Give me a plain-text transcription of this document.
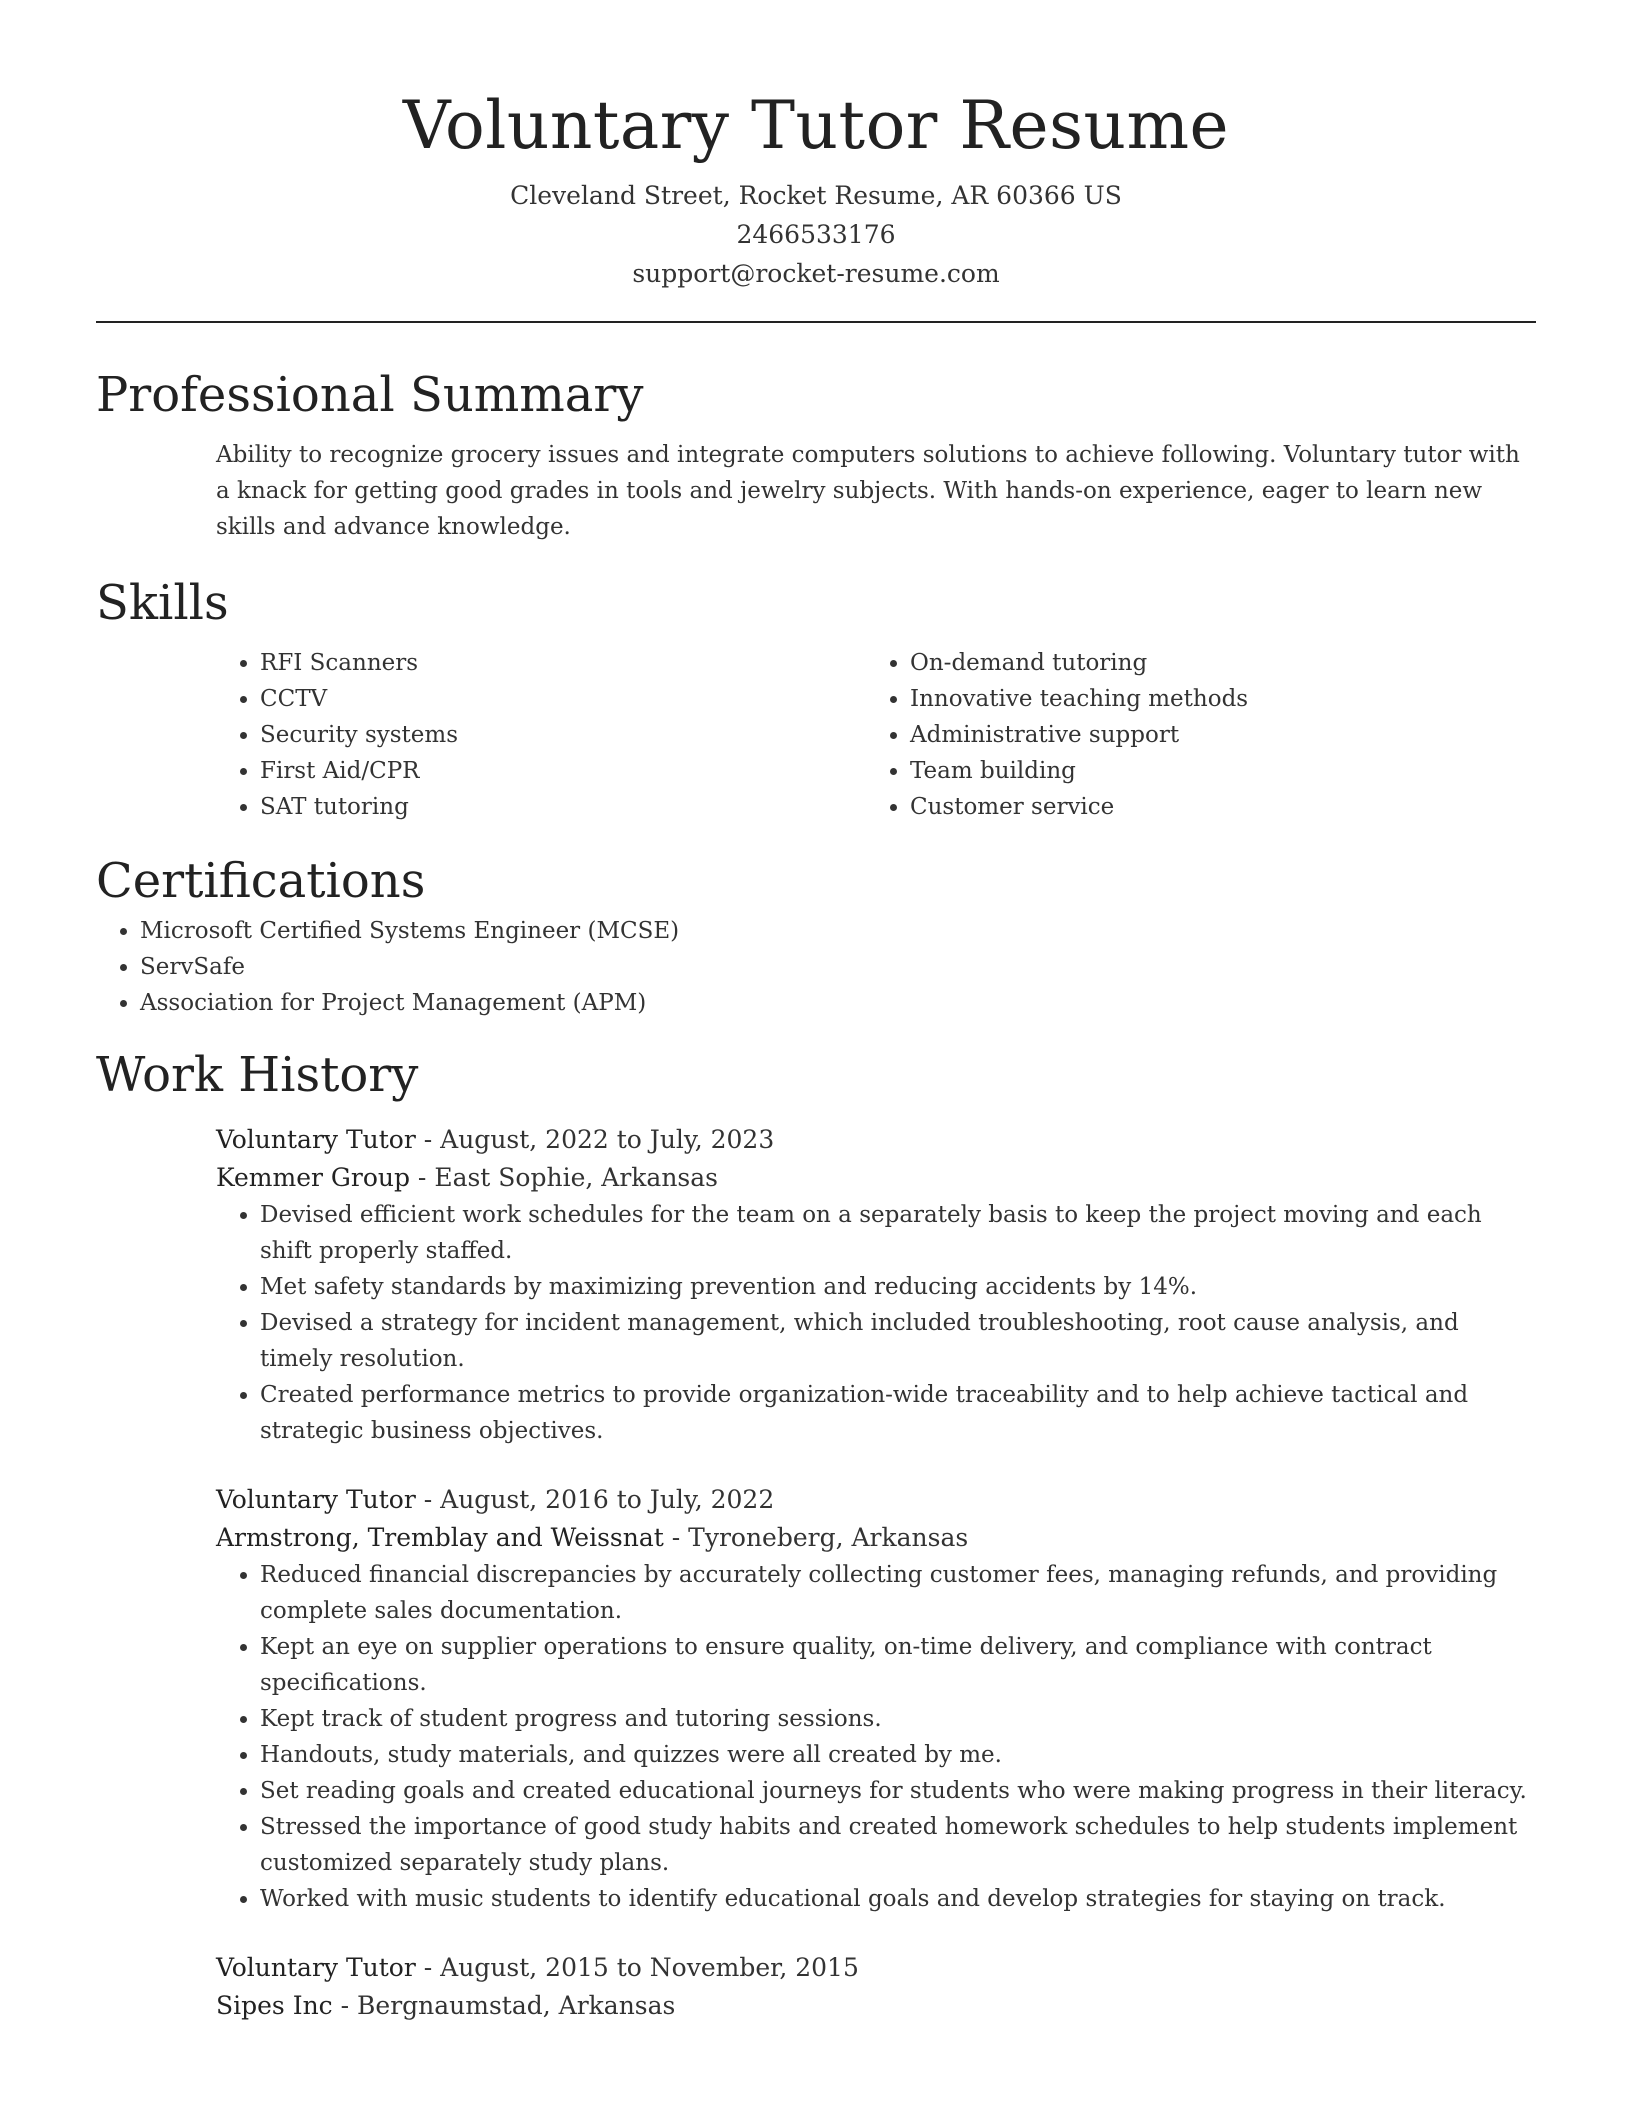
Voluntary Tutor Resume
Cleveland Street, Rocket Resume, AR 60366 US
2466533176
support@rocket-resume.com
Professional Summary

Ability to recognize grocery issues and integrate computers solutions to achieve following. Voluntary tutor with a knack for getting good grades in tools and jewelry subjects. With hands-on experience, eager to learn new skills and advance knowledge.

Skills
• RFI Scanners
• CCTV
• Security systems
• First Aid/CPR
• SAT tutoring
• On-demand tutoring
• Innovative teaching methods
• Administrative support
• Team building
• Customer service
Certifications
• Microsoft Certified Systems Engineer (MCSE)
• ServSafe
• Association for Project Management (APM)
Work History
Voluntary Tutor - August, 2022 to July, 2023
Kemmer Group - East Sophie, Arkansas
• Devised efficient work schedules for the team on a separately basis to keep the project moving and each shift properly staffed.
• Met safety standards by maximizing prevention and reducing accidents by 14%.
• Devised a strategy for incident management, which included troubleshooting, root cause analysis, and timely resolution.
• Created performance metrics to provide organization-wide traceability and to help achieve tactical and strategic business objectives.
Voluntary Tutor - August, 2016 to July, 2022
Armstrong, Tremblay and Weissnat - Tyroneberg, Arkansas
• Reduced financial discrepancies by accurately collecting customer fees, managing refunds, and providing complete sales documentation.
• Kept an eye on supplier operations to ensure quality, on-time delivery, and compliance with contract specifications.
• Kept track of student progress and tutoring sessions.
• Handouts, study materials, and quizzes were all created by me.
• Set reading goals and created educational journeys for students who were making progress in their literacy.
• Stressed the importance of good study habits and created homework schedules to help students implement customized separately study plans.
• Worked with music students to identify educational goals and develop strategies for staying on track.
Voluntary Tutor - August, 2015 to November, 2015
Sipes Inc - Bergnaumstad, Arkansas
